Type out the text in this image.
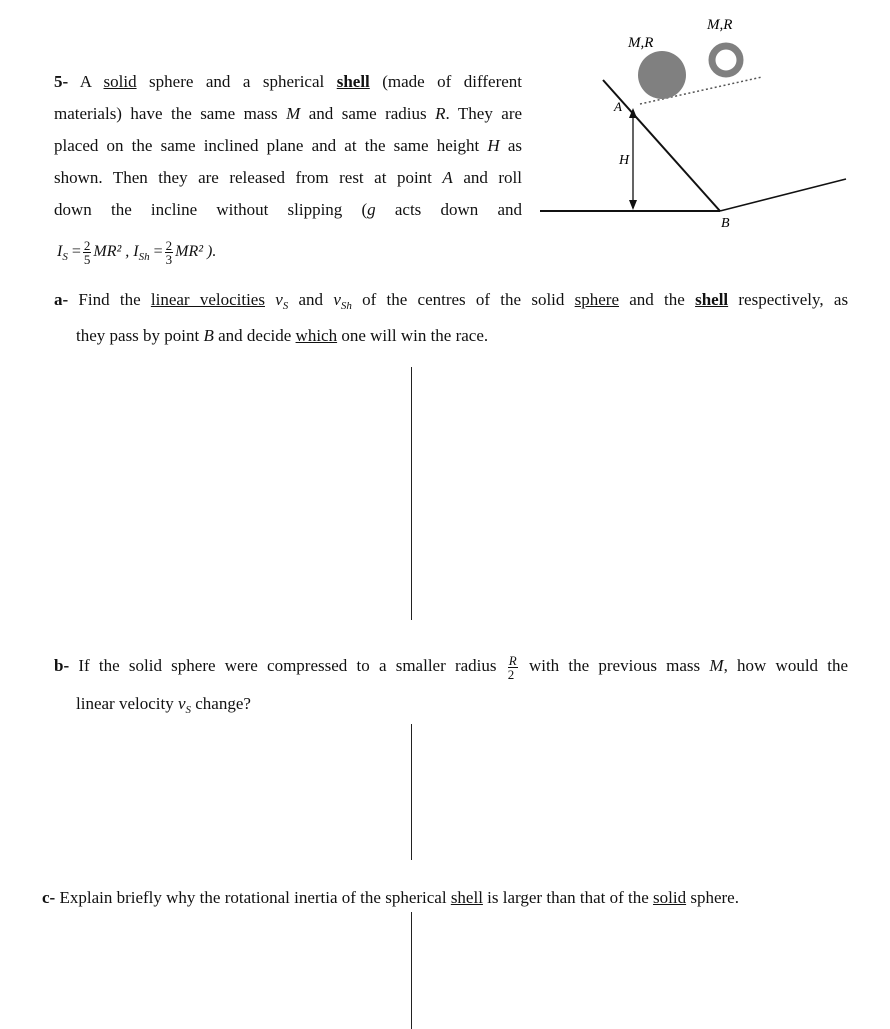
5- A solid sphere and a spherical shell (made of different
materials) have the same mass M and same radius R. They are
placed on the same inclined plane and at the same height H as
shown. Then they are released from rest at point A and roll
down the incline without slipping (g acts down and
$I_S = \frac{2}{5} MR^2$ , $I_{Sh} = \frac{2}{3} MR^2$ ).
M,R
M,R
A
H
B
a- Find the linear velocities $v_S$ and $v_{Sh}$ of the centres of the solid sphere and the shell respectively, as
they pass by point B and decide which one will win the race.
b- If the solid sphere were compressed to a smaller radius $\frac{R}{2}$ with the previous mass M, how would the
linear velocity $v_S$ change?
c- Explain briefly why the rotational inertia of the spherical shell is larger than that of the solid sphere.
